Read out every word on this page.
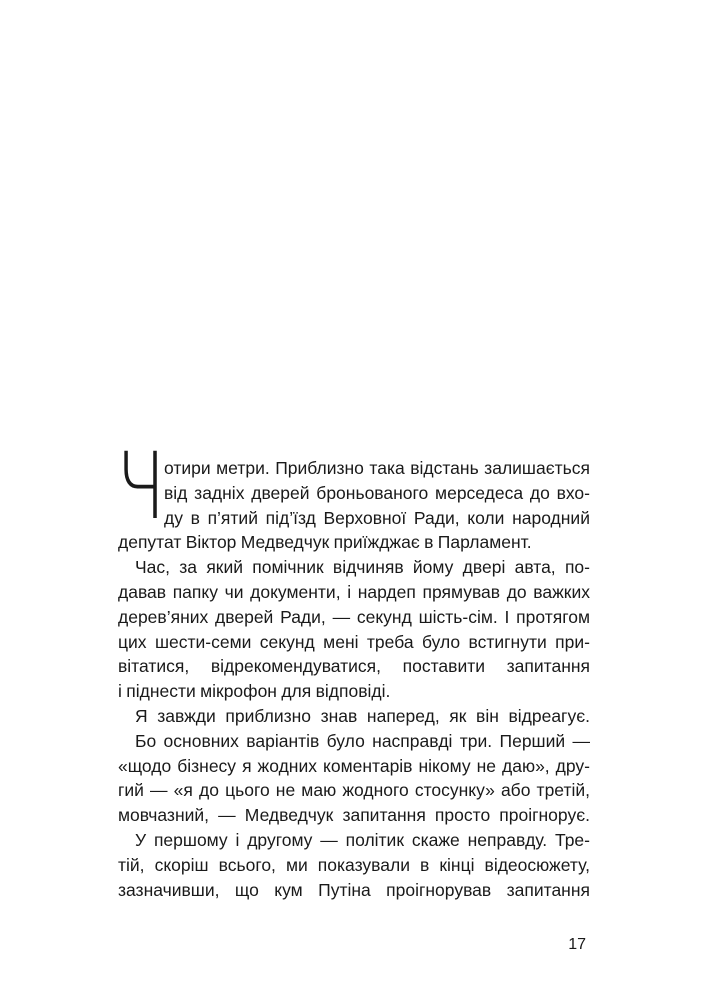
Ч
отири метри. Приблизно така відстань залишається
від задніх дверей броньованого мерседеса до вхо-
ду в п’ятий під’їзд Верховної Ради, коли народний
депутат Віктор Медведчук приїжджає в Парламент.
Час, за який помічник відчиняв йому двері авта, по-
давав папку чи документи, і нардеп прямував до важких
дерев’яних дверей Ради, — секунд шість-сім. І протягом
цих шести-семи секунд мені треба було встигнути при-
вітатися, відрекомендуватися, поставити запитання
і піднести мікрофон для відповіді.
Я завжди приблизно знав наперед, як він відреагує.
Бо основних варіантів було насправді три. Перший —
«щодо бізнесу я жодних коментарів нікому не даю», дру-
гий — «я до цього не маю жодного стосунку» або третій,
мовчазний, — Медведчук запитання просто проігнорує.
У першому і другому — політик скаже неправду. Тре-
тій, скоріш всього, ми показували в кінці відеосюжету,
зазначивши, що кум Путіна проігнорував запитання
17
